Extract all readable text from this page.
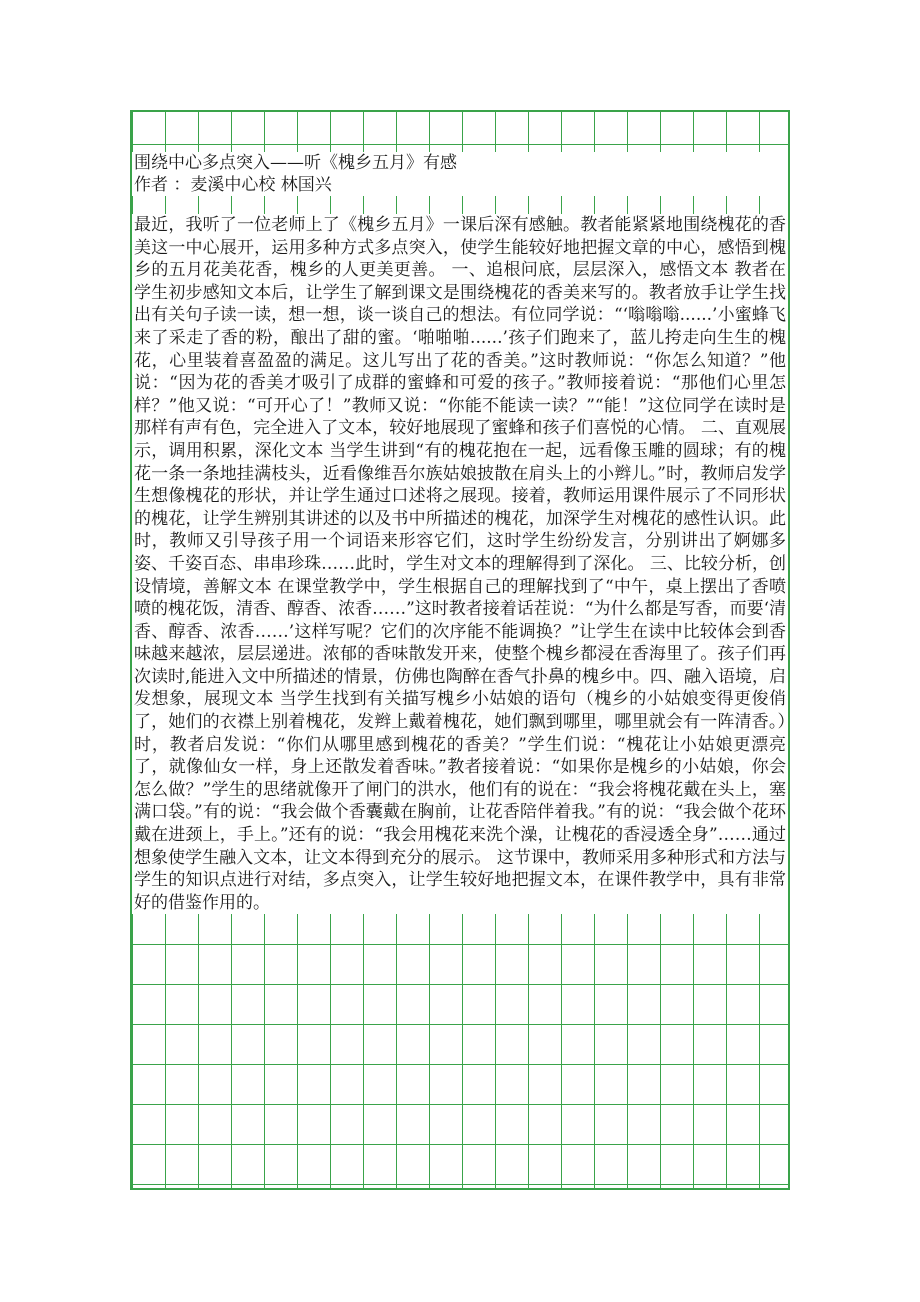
围绕中心多点突入——听《槐乡五月》有感
作者 ：麦溪中心校 林国兴
最近，我听了一位老师上了《槐乡五月》一课后深有感触。教者能紧紧地围绕槐花的香美这一中心展开，运用多种方式多点突入，使学生能较好地把握文章的中心，感悟到槐乡的五月花美花香，槐乡的人更美更善。 一、追根问底，层层深入，感悟文本 教者在学生初步感知文本后，让学生了解到课文是围绕槐花的香美来写的。教者放手让学生找出有关句子读一读，想一想，谈一谈自己的想法。有位同学说：“‘嗡嗡嗡......’小蜜蜂飞来了采走了香的粉，酿出了甜的蜜。‘啪啪啪......’孩子们跑来了，蓝儿挎走向生生的槐花，心里装着喜盈盈的满足。这儿写出了花的香美。”这时教师说：“你怎么知道？”他说：“因为花的香美才吸引了成群的蜜蜂和可爱的孩子。”教师接着说：“那他们心里怎样？”他又说：“可开心了！”教师又说：“你能不能读一读？”“能！”这位同学在读时是那样有声有色，完全进入了文本，较好地展现了蜜蜂和孩子们喜悦的心情。 二、直观展示，调用积累，深化文本 当学生讲到“有的槐花抱在一起，远看像玉雕的圆球；有的槐花一条一条地挂满枝头，近看像维吾尔族姑娘披散在肩头上的小辫儿。”时，教师启发学生想像槐花的形状，并让学生通过口述将之展现。接着，教师运用课件展示了不同形状的槐花，让学生辨别其讲述的以及书中所描述的槐花，加深学生对槐花的感性认识。此时，教师又引导孩子用一个词语来形容它们，这时学生纷纷发言，分别讲出了婀娜多姿、千姿百态、串串珍珠……此时，学生对文本的理解得到了深化。 三、比较分析，创设情境，善解文本 在课堂教学中，学生根据自己的理解找到了“中午，桌上摆出了香喷喷的槐花饭，清香、醇香、浓香……”这时教者接着话茬说：“为什么都是写香，而要‘清香、醇香、浓香……’这样写呢？它们的次序能不能调换？”让学生在读中比较体会到香味越来越浓，层层递进。浓郁的香味散发开来，使整个槐乡都浸在香海里了。孩子们再次读时,能进入文中所描述的情景，仿佛也陶醉在香气扑鼻的槐乡中。四、融入语境，启发想象，展现文本 当学生找到有关描写槐乡小姑娘的语句（槐乡的小姑娘变得更俊俏了，她们的衣襟上别着槐花，发辫上戴着槐花，她们飘到哪里，哪里就会有一阵清香。）时，教者启发说：“你们从哪里感到槐花的香美？”学生们说：“槐花让小姑娘更漂亮了，就像仙女一样，身上还散发着香味。”教者接着说：“如果你是槐乡的小姑娘，你会怎么做？”学生的思绪就像开了闸门的洪水，他们有的说在：“我会将槐花戴在头上，塞满口袋。”有的说：“我会做个香囊戴在胸前，让花香陪伴着我。”有的说：“我会做个花环戴在进颈上，手上。”还有的说：“我会用槐花来洗个澡，让槐花的香浸透全身”……通过想象使学生融入文本，让文本得到充分的展示。 这节课中，教师采用多种形式和方法与学生的知识点进行对结，多点突入，让学生较好地把握文本，在课件教学中，具有非常好的借鉴作用的。
